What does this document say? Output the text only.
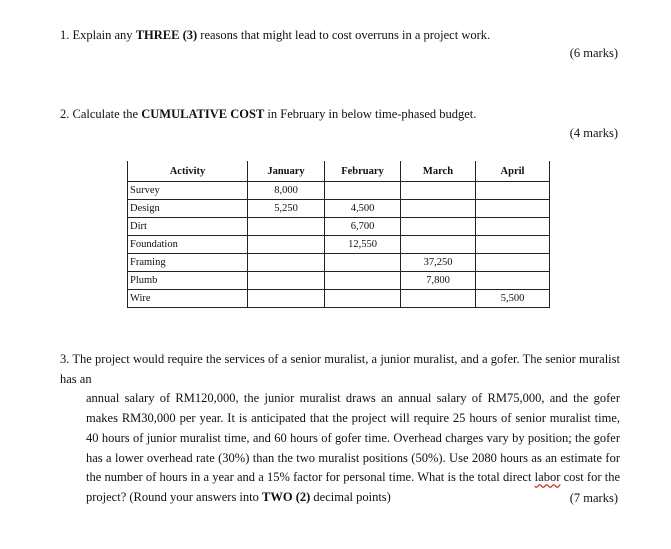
1. Explain any THREE (3) reasons that might lead to cost overruns in a project work.
(6 marks)
2. Calculate the CUMULATIVE COST in February in below time-phased budget.
(4 marks)
Activity	January	February	March	April
Survey	8,000			
Design	5,250	4,500		
Dirt		6,700		
Foundation		12,550		
Framing			37,250	
Plumb			7,800	
Wire				5,500
3. The project would require the services of a senior muralist, a junior muralist, and a gofer. The senior muralist has an
annual salary of RM120,000, the junior muralist draws an annual salary of RM75,000, and the gofer makes RM30,000 per year. It is anticipated that the project will require 25 hours of senior muralist time, 40 hours of junior muralist time, and 60 hours of gofer time. Overhead charges vary by position; the gofer has a lower overhead rate (30%) than the two muralist positions (50%). Use 2080 hours as an estimate for the number of hours in a year and a 15% factor for personal time. What is the total direct labor cost for the project? (Round your answers into TWO (2) decimal points)	(7 marks)
